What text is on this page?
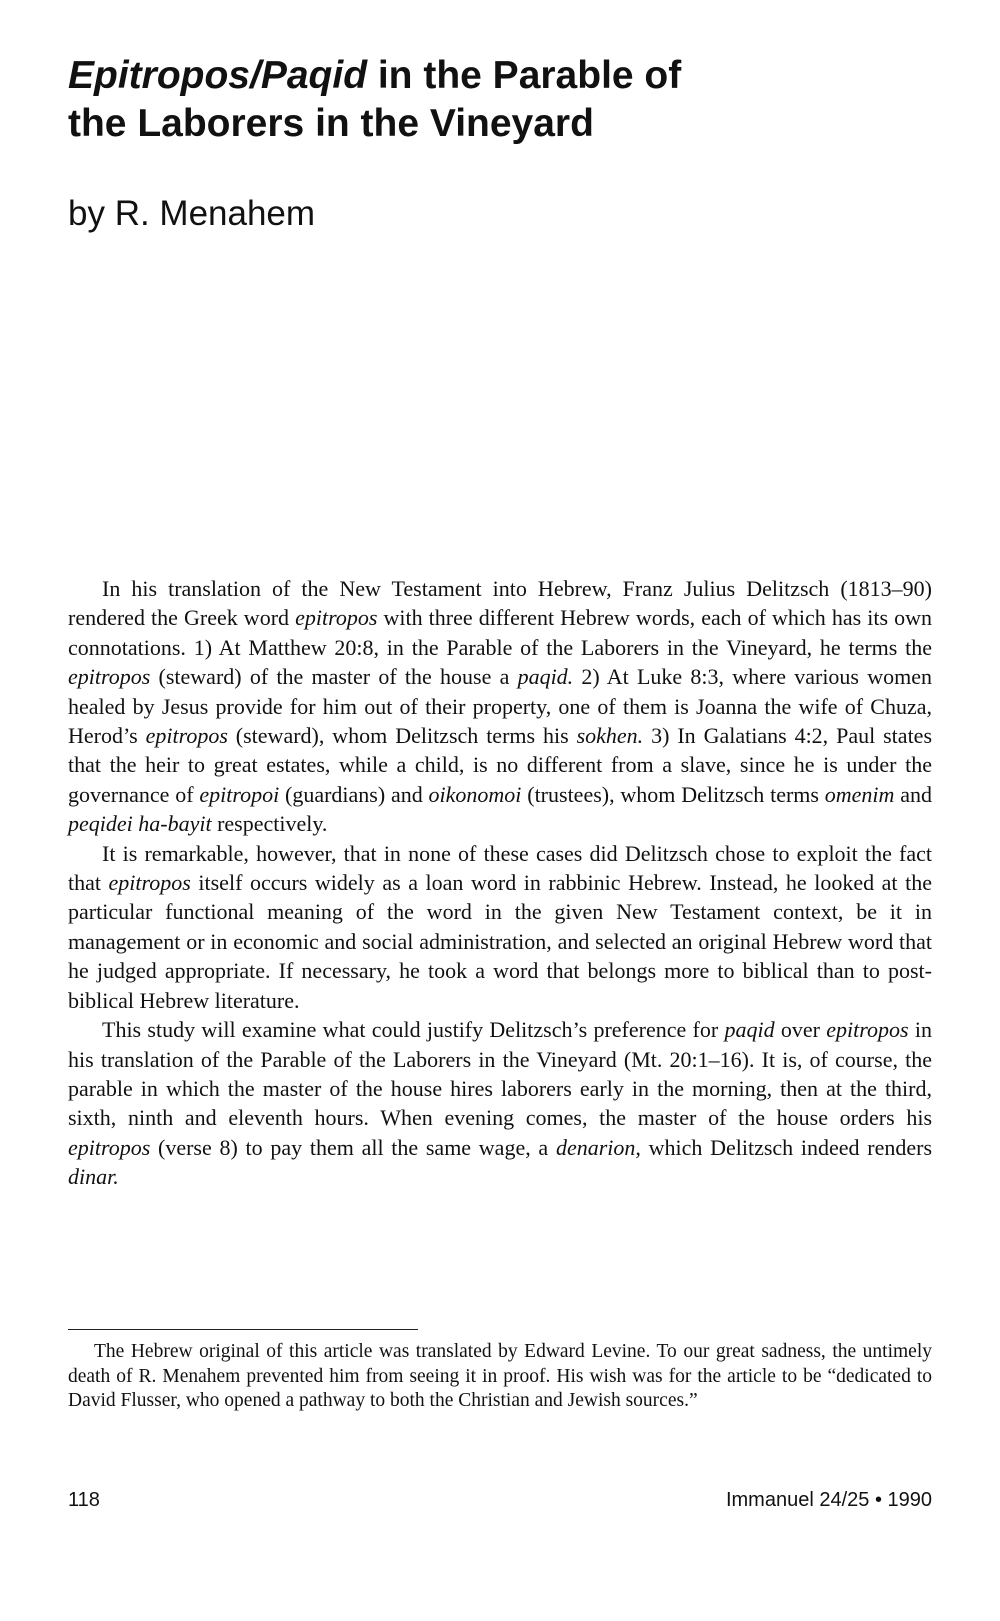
Epitropos/Paqid in the Parable of
the Laborers in the Vineyard
by R. Menahem

In his translation of the New Testament into Hebrew, Franz Julius Delitzsch (1813–90) rendered the Greek word epitropos with three different Hebrew words, each of which has its own connotations. 1) At Matthew 20:8, in the Parable of the Laborers in the Vineyard, he terms the epitropos (steward) of the master of the house a paqid. 2) At Luke 8:3, where various women healed by Jesus provide for him out of their property, one of them is Joanna the wife of Chuza, Herod’s epitropos (steward), whom Delitzsch terms his sokhen. 3) In Galatians 4:2, Paul states that the heir to great estates, while a child, is no different from a slave, since he is under the governance of epitropoi (guardians) and oikonomoi (trustees), whom Delitzsch terms omenim and peqidei ha-bayit respectively.

It is remarkable, however, that in none of these cases did Delitzsch chose to exploit the fact that epitropos itself occurs widely as a loan word in rabbinic Hebrew. Instead, he looked at the particular functional meaning of the word in the given New Testament context, be it in management or in economic and social administration, and selected an original Hebrew word that he judged appropriate. If necessary, he took a word that belongs more to biblical than to post-biblical Hebrew literature.

This study will examine what could justify Delitzsch’s preference for paqid over epitropos in his translation of the Parable of the Laborers in the Vineyard (Mt. 20:1–16). It is, of course, the parable in which the master of the house hires laborers early in the morning, then at the third, sixth, ninth and eleventh hours. When evening comes, the master of the house orders his epitropos (verse 8) to pay them all the same wage, a denarion, which Delitzsch indeed renders dinar.

The Hebrew original of this article was translated by Edward Levine. To our great sadness, the untimely death of R. Menahem prevented him from seeing it in proof. His wish was for the article to be “dedicated to David Flusser, who opened a pathway to both the Christian and Jewish sources.”

118	Immanuel 24/25 • 1990
